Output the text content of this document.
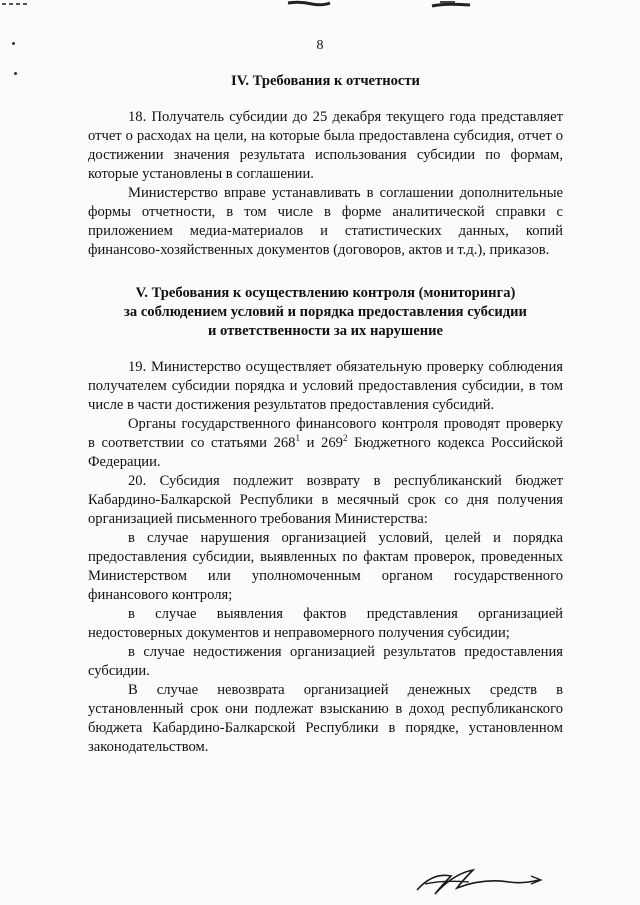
8
IV. Требования к отчетности

18. Получатель субсидии до 25 декабря текущего года представляет отчет о расходах на цели, на которые была предоставлена субсидия, отчет о достижении значения результата использования субсидии по формам, которые установлены в соглашении.

Министерство вправе устанавливать в соглашении дополнительные формы отчетности, в том числе в форме аналитической справки с приложением медиа-материалов и статистических данных, копий финансово-хозяйственных документов (договоров, актов и т.д.), приказов.

V. Требования к осуществлению контроля (мониторинга)
за соблюдением условий и порядка предоставления субсидии
и ответственности за их нарушение

19. Министерство осуществляет обязательную проверку соблюдения получателем субсидии порядка и условий предоставления субсидии, в том числе в части достижения результатов предоставления субсидий.

Органы государственного финансового контроля проводят проверку в соответствии со статьями $268^1$ и $269^2$ Бюджетного кодекса Российской Федерации.

20. Субсидия подлежит возврату в республиканский бюджет Кабардино-Балкарской Республики в месячный срок со дня получения организацией письменного требования Министерства:

в случае нарушения организацией условий, целей и порядка предоставления субсидии, выявленных по фактам проверок, проведенных Министерством или уполномоченным органом государственного финансового контроля;

в случае выявления фактов представления организацией недостоверных документов и неправомерного получения субсидии;

в случае недостижения организацией результатов предоставления субсидии.

В случае невозврата организацией денежных средств в установленный срок они подлежат взысканию в доход республиканского бюджета Кабардино-Балкарской Республики в порядке, установленном законодательством.
